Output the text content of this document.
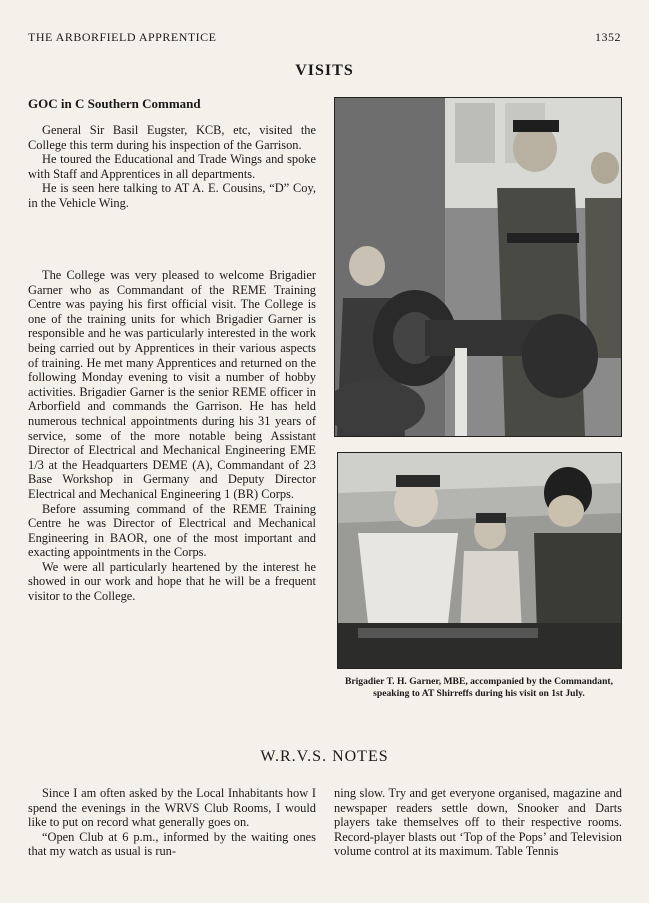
THE ARBORFIELD APPRENTICE	1352
VISITS
GOC in C Southern Command

General Sir Basil Eugster, KCB, etc, visited the College this term during his inspection of the Garrison.

He toured the Educational and Trade Wings and spoke with Staff and Apprentices in all departments.

He is seen here talking to AT A. E. Cousins, “D” Coy, in the Vehicle Wing.

The College was very pleased to welcome Brigadier Garner who as Commandant of the REME Training Centre was paying his first official visit. The College is one of the training units for which Brigadier Garner is responsible and he was particularly interested in the work being carried out by Apprentices in their various aspects of training. He met many Apprentices and returned on the following Monday evening to visit a number of hobby activities. Brigadier Garner is the senior REME officer in Arborfield and commands the Garrison. He has held numerous technical appointments during his 31 years of service, some of the more notable being Assistant Director of Electrical and Mechanical Engineering EME 1/3 at the Headquarters DEME (A), Commandant of 23 Base Workshop in Germany and Deputy Director Electrical and Mechanical Engineering 1 (BR) Corps.

Before assuming command of the REME Training Centre he was Director of Electrical and Mechanical Engineering in BAOR, one of the most important and exacting appointments in the Corps.

We were all particularly heartened by the interest he showed in our work and hope that he will be a frequent visitor to the College.

Brigadier T. H. Garner, MBE, accompanied by the Commandant, speaking to AT Shirreffs during his visit on 1st July.
W.R.V.S. NOTES

Since I am often asked by the Local Inhabitants how I spend the evenings in the WRVS Club Rooms, I would like to put on record what generally goes on.

“Open Club at 6 p.m., informed by the waiting ones that my watch as usual is run-

ning slow. Try and get everyone organised, magazine and newspaper readers settle down, Snooker and Darts players take themselves off to their respective rooms. Record-player blasts out ‘Top of the Pops’ and Television volume control at its maximum. Table Tennis
